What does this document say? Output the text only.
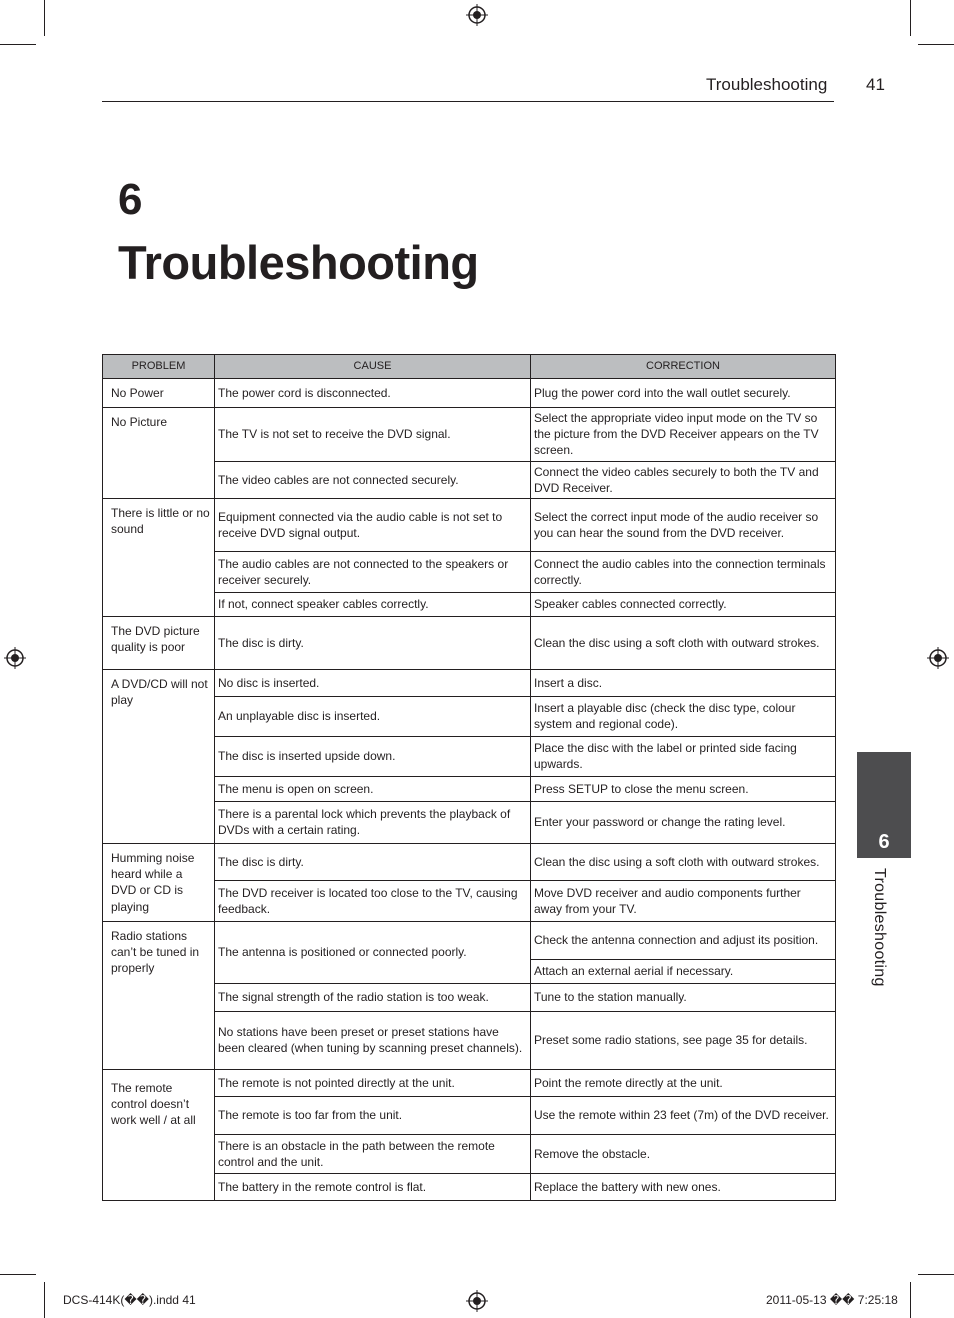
Troubleshooting 41
6
Troubleshooting
PROBLEM	CAUSE	CORRECTION
No Power	The power cord is disconnected.	Plug the power cord into the wall outlet securely.
No Picture	The TV is not set to receive the DVD signal.	Select the appropriate video input mode on the TV so the picture from the DVD Receiver appears on the TV screen.
	The video cables are not connected securely.	Connect the video cables securely to both the TV and DVD Receiver.
There is little or no sound	Equipment connected via the audio cable is not set to receive DVD signal output.	Select the correct input mode of the audio receiver so you can hear the sound from the DVD receiver.
	The audio cables are not connected to the speakers or receiver securely.	Connect the audio cables into the connection terminals correctly.
	If not, connect speaker cables correctly.	Speaker cables connected correctly.
The DVD picture quality is poor	The disc is dirty.	Clean the disc using a soft cloth with outward strokes.
A DVD/CD will not play	No disc is inserted.	Insert a disc.
	An unplayable disc is inserted.	Insert a playable disc (check the disc type, colour system and regional code).
	The disc is inserted upside down.	Place the disc with the label or printed side facing upwards.
	The menu is open on screen.	Press SETUP to close the menu screen.
	There is a parental lock which prevents the playback of DVDs with a certain rating.	Enter your password or change the rating level.
Humming noise heard while a DVD or CD is playing	The disc is dirty.	Clean the disc using a soft cloth with outward strokes.
	The DVD receiver is located too close to the TV, causing feedback.	Move DVD receiver and audio components further away from your TV.
Radio stations can’t be tuned in properly	The antenna is positioned or connected poorly.	Check the antenna connection and adjust its position.
		Attach an external aerial if necessary.
	The signal strength of the radio station is too weak.	Tune to the station manually.
	No stations have been preset or preset stations have been cleared (when tuning by scanning preset channels).	Preset some radio stations, see page 35 for details.
The remote control doesn’t work well / at all	The remote is not pointed directly at the unit.	Point the remote directly at the unit.
	The remote is too far from the unit.	Use the remote within 23 feet (7m) of the DVD receiver.
	There is an obstacle in the path between the remote control and the unit.	Remove the obstacle.
	The battery in the remote control is flat.	Replace the battery with new ones.
6
Troubleshooting
DCS-414K(��).indd 41	2011-05-13 �� 7:25:18
